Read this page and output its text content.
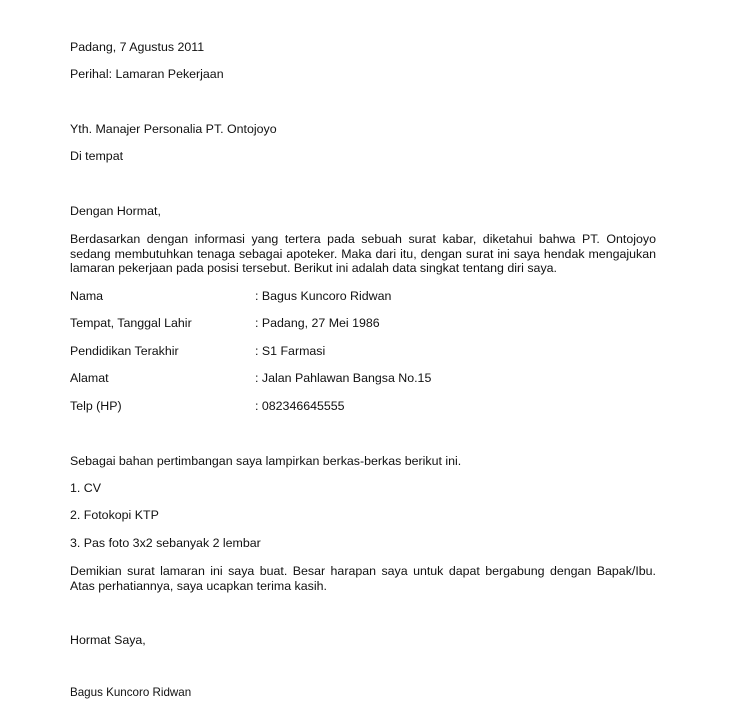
Padang, 7 Agustus 2011
Perihal: Lamaran Pekerjaan
Yth. Manajer Personalia PT. Ontojoyo
Di tempat
Dengan Hormat,
Berdasarkan dengan informasi yang tertera pada sebuah surat kabar, diketahui bahwa PT. Ontojoyo sedang membutuhkan tenaga sebagai apoteker. Maka dari itu, dengan surat ini saya hendak mengajukan lamaran pekerjaan pada posisi tersebut. Berikut ini adalah data singkat tentang diri saya.
Nama	: Bagus Kuncoro Ridwan
Tempat, Tanggal Lahir	: Padang, 27 Mei 1986
Pendidikan Terakhir	: S1 Farmasi
Alamat	: Jalan Pahlawan Bangsa No.15
Telp (HP)	: 082346645555
Sebagai bahan pertimbangan saya lampirkan berkas-berkas berikut ini.
1. CV
2. Fotokopi KTP
3. Pas foto 3x2 sebanyak 2 lembar
Demikian surat lamaran ini saya buat. Besar harapan saya untuk dapat bergabung dengan Bapak/Ibu. Atas perhatiannya, saya ucapkan terima kasih.
Hormat Saya,
Bagus Kuncoro Ridwan
